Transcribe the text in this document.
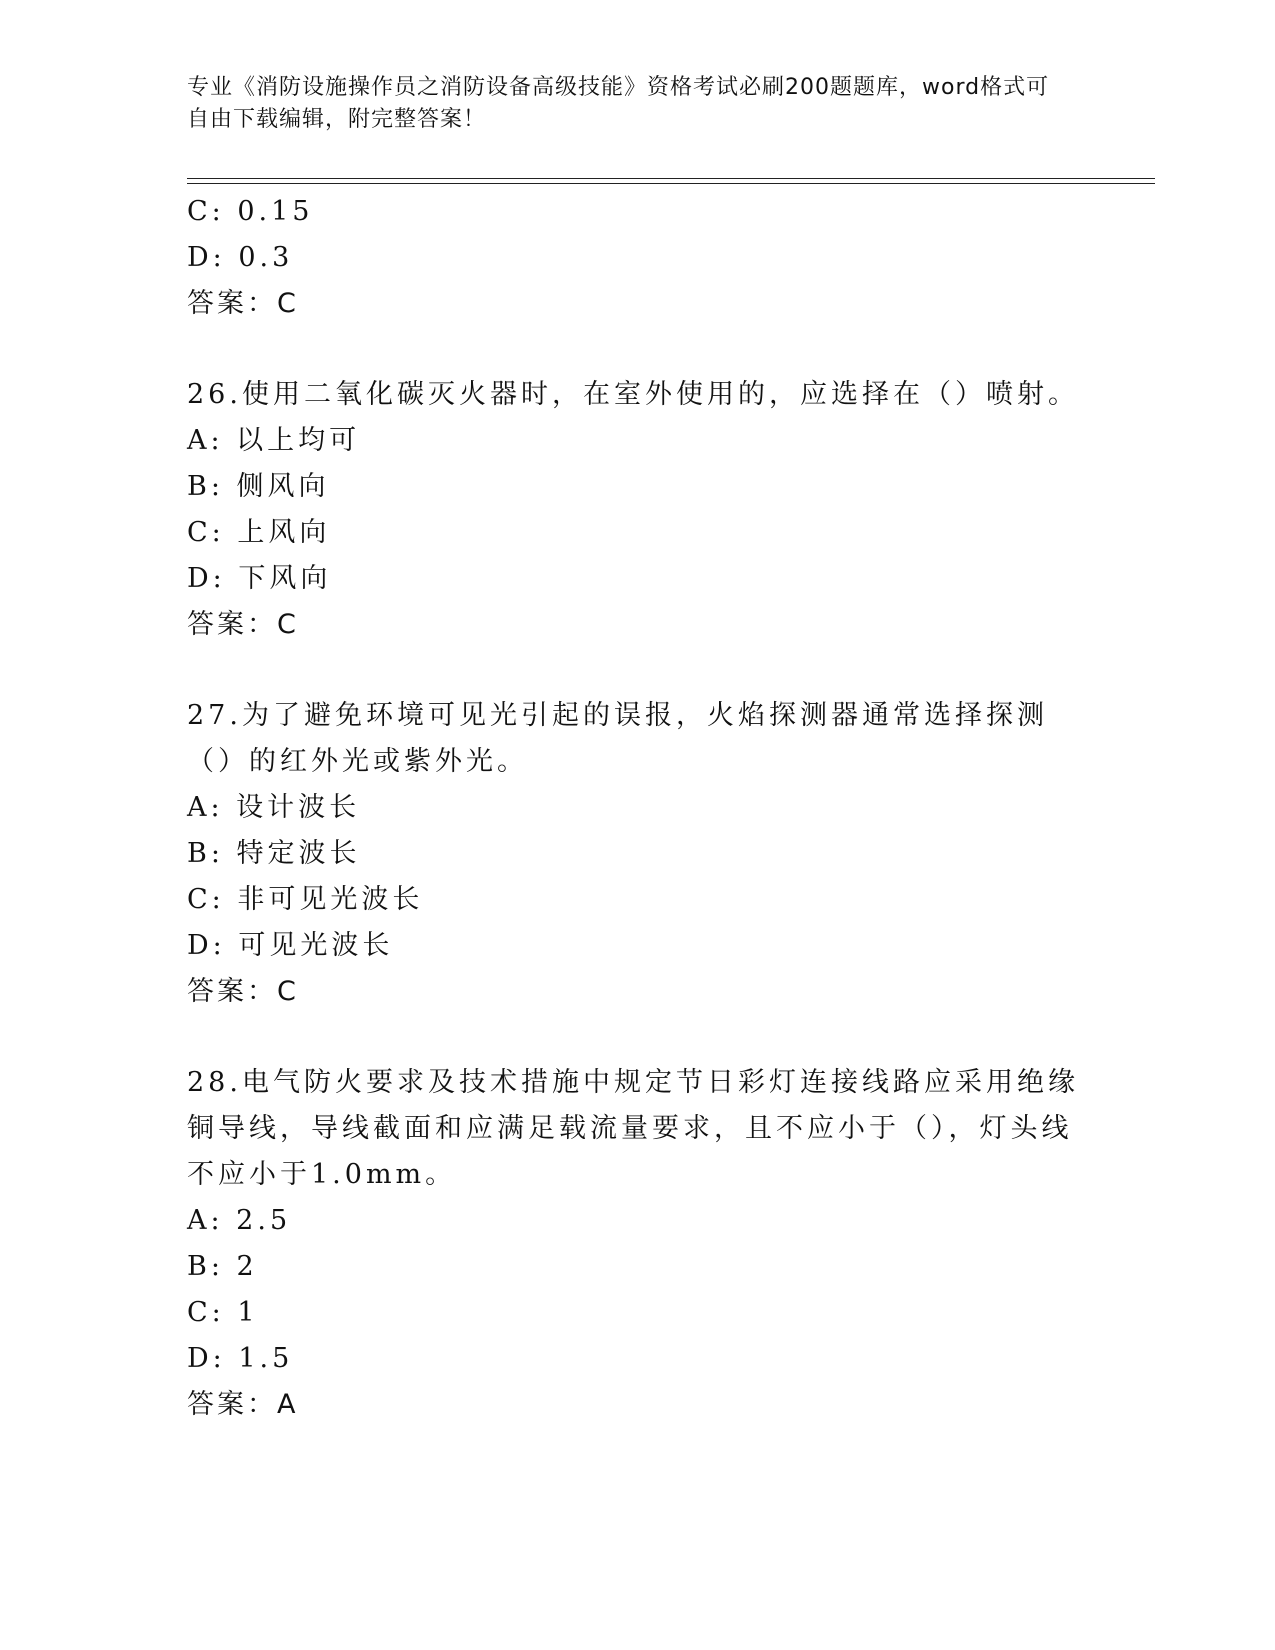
专业《消防设施操作员之消防设备高级技能》资格考试必刷200题题库，word格式可自由下载编辑，附完整答案！
C: 0.15
D: 0.3
答案：C
26.使用二氧化碳灭火器时，在室外使用的，应选择在（）喷射。
A: 以上均可
B: 侧风向
C: 上风向
D: 下风向
答案：C
27.为了避免环境可见光引起的误报，火焰探测器通常选择探测（）的红外光或紫外光。
A: 设计波长
B: 特定波长
C: 非可见光波长
D: 可见光波长
答案：C
28.电气防火要求及技术措施中规定节日彩灯连接线路应采用绝缘铜导线，导线截面和应满足载流量要求，且不应小于（），灯头线不应小于1.0mm。
A: 2.5
B: 2
C: 1
D: 1.5
答案：A
